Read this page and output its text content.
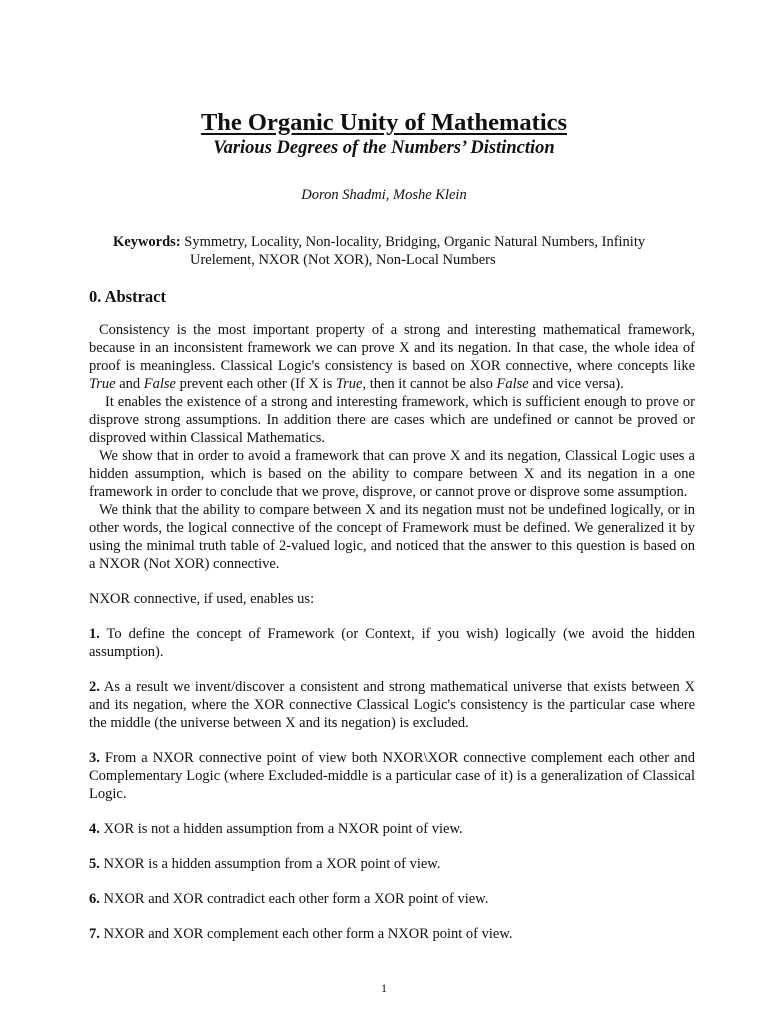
The Organic Unity of Mathematics
Various Degrees of the Numbers’ Distinction
Doron Shadmi, Moshe Klein
Keywords: Symmetry, Locality, Non-locality, Bridging, Organic Natural Numbers, Infinity
Urelement, NXOR (Not XOR), Non-Local Numbers
0. Abstract

Consistency is the most important property of a strong and interesting mathematical framework, because in an inconsistent framework we can prove X and its negation. In that case, the whole idea of proof is meaningless. Classical Logic's consistency is based on XOR connective, where concepts like True and False prevent each other (If X is True, then it cannot be also False and vice versa).

It enables the existence of a strong and interesting framework, which is sufficient enough to prove or disprove strong assumptions. In addition there are cases which are undefined or cannot be proved or disproved within Classical Mathematics.

We show that in order to avoid a framework that can prove X and its negation, Classical Logic uses a hidden assumption, which is based on the ability to compare between X and its negation in a one framework in order to conclude that we prove, disprove, or cannot prove or disprove some assumption.

We think that the ability to compare between X and its negation must not be undefined logically, or in other words, the logical connective of the concept of Framework must be defined. We generalized it by using the minimal truth table of 2-valued logic, and noticed that the answer to this question is based on a NXOR (Not XOR) connective.

NXOR connective, if used, enables us:

1. To define the concept of Framework (or Context, if you wish) logically (we avoid the hidden assumption).

2. As a result we invent/discover a consistent and strong mathematical universe that exists between X and its negation, where the XOR connective Classical Logic's consistency is the particular case where the middle (the universe between X and its negation) is excluded.

3. From a NXOR connective point of view both NXOR\XOR connective complement each other and Complementary Logic (where Excluded-middle is a particular case of it) is a generalization of Classical Logic.

4. XOR is not a hidden assumption from a NXOR point of view.

5. NXOR is a hidden assumption from a XOR point of view.

6. NXOR and XOR contradict each other form a XOR point of view.

7. NXOR and XOR complement each other form a NXOR point of view.

1
